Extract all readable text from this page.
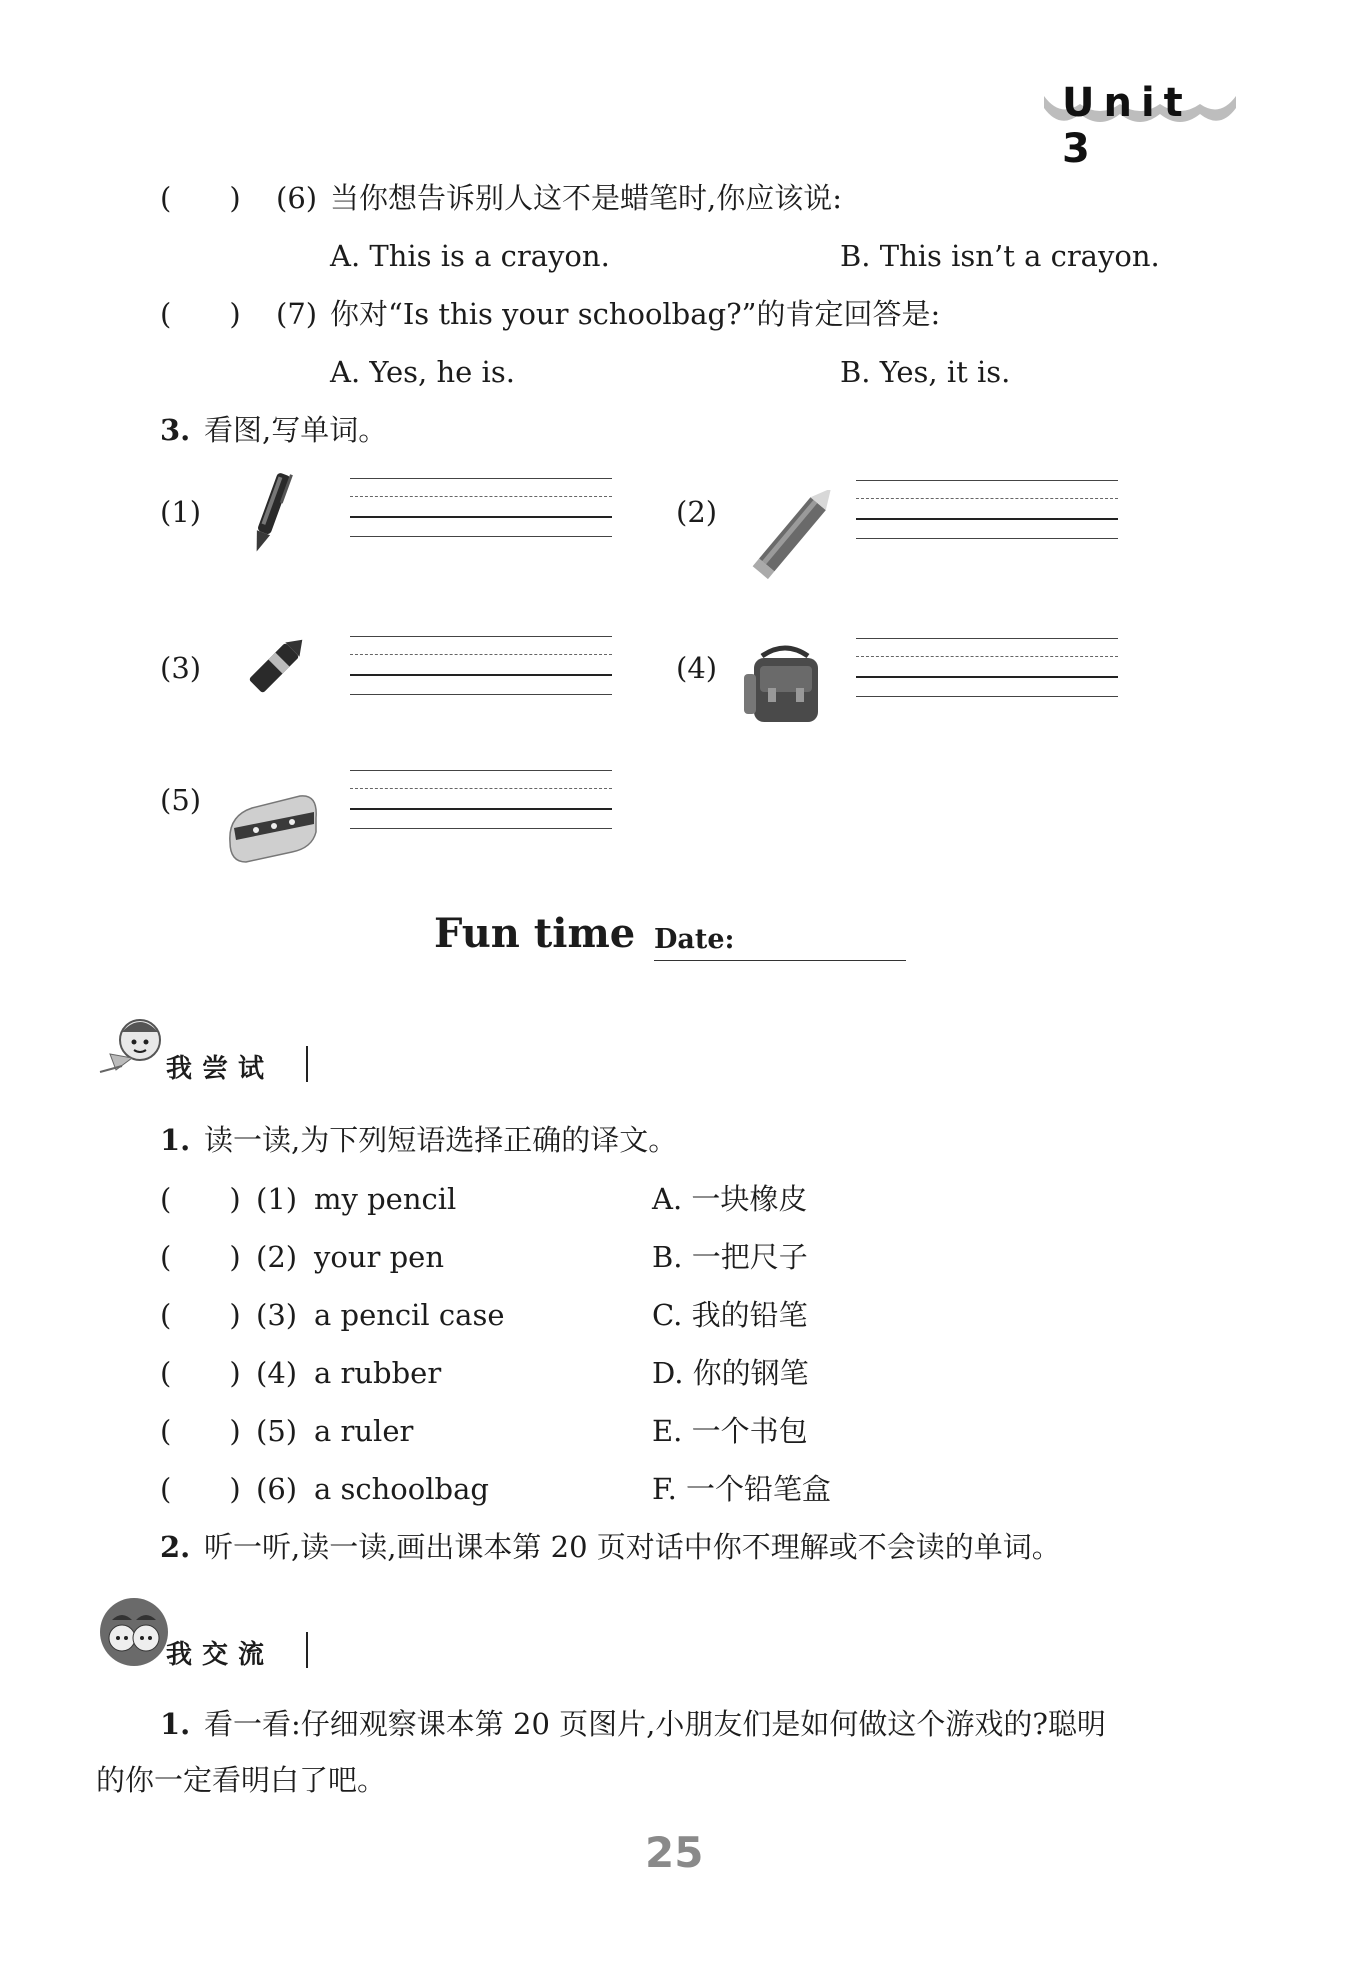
Unit 3
(　　) (6) 当你想告诉别人这不是蜡笔时,你应该说:
A. This is a crayon.	B. This isn’t a crayon.
(　　) (7) 你对“Is this your schoolbag?”的肯定回答是:
A. Yes, he is.	B. Yes, it is.
3. 看图,写单词。
(1)	(2)
(3)	(4)
(5)
Fun time Date:
我尝试
1. 读一读,为下列短语选择正确的译文。
(　　) (1) my pencil	A. 一块橡皮
(　　) (2) your pen	B. 一把尺子
(　　) (3) a pencil case	C. 我的铅笔
(　　) (4) a rubber	D. 你的钢笔
(　　) (5) a ruler	E. 一个书包
(　　) (6) a schoolbag	F. 一个铅笔盒
2. 听一听,读一读,画出课本第 20 页对话中你不理解或不会读的单词。
我交流
1. 看一看:仔细观察课本第 20 页图片,小朋友们是如何做这个游戏的?聪明
的你一定看明白了吧。
25
